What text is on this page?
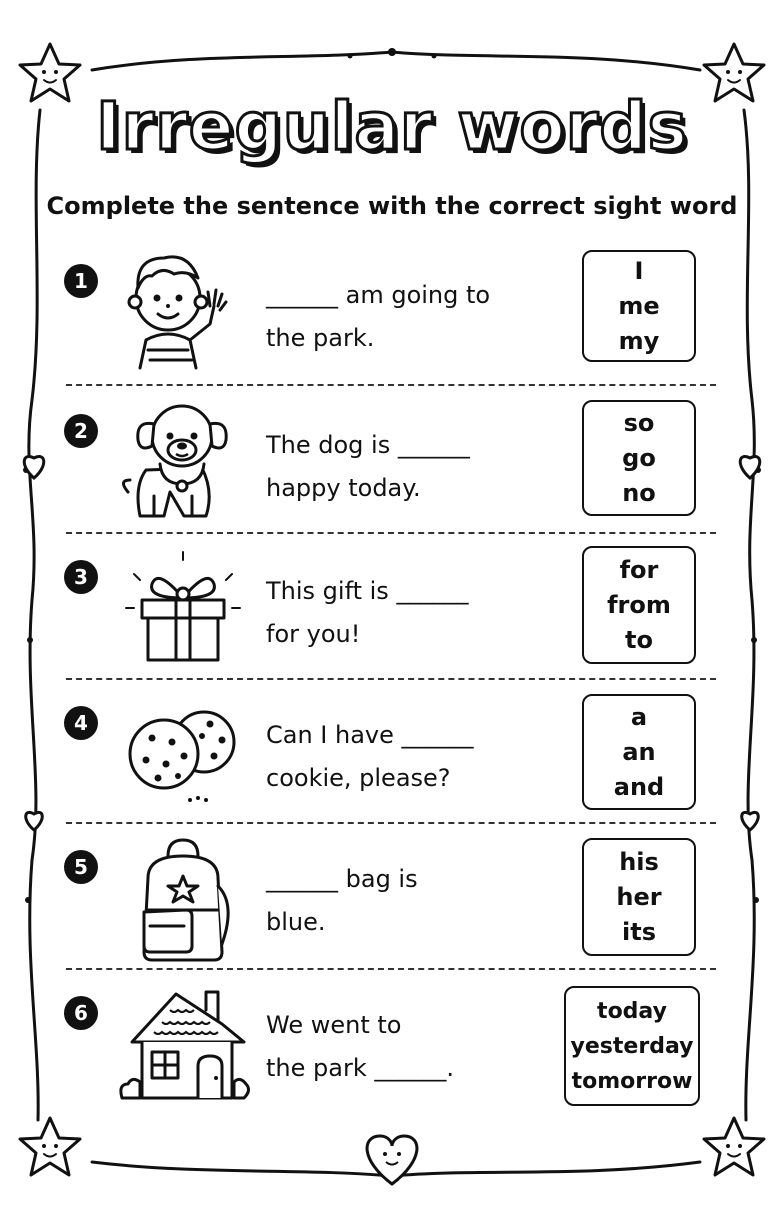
Irregular words
Complete the sentence with the correct sight word
1	______ am going to
the park.
I
me
my
2	The dog is ______
happy today.
so
go
no
3	This gift is ______
for you!
for
from
to
4	Can I have ______
cookie, please?
a
an
and
5	______ bag is
blue.
his
her
its
6	We went to
the park ______.
today
yesterday
tomorrow
